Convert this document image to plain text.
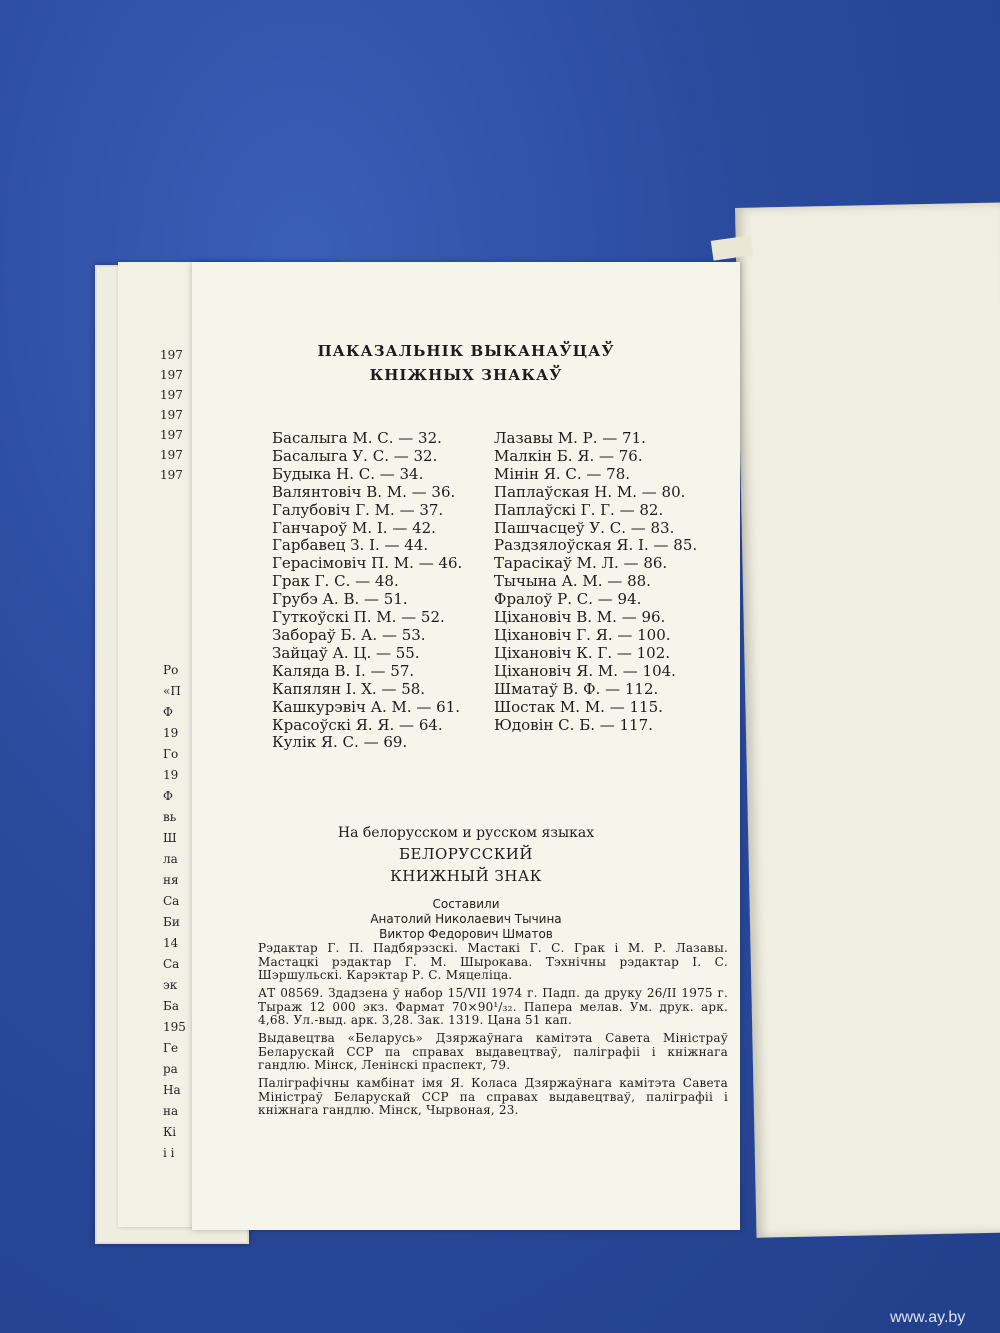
197
197
197
197
197
197
197
Ро
«П
Ф
19
Го
19
Ф
вь
Ш
ла
ня
Са
Би
14
Са
эк
Ба
195
Ге
ра
На
на
Кі
і і
ПАКАЗАЛЬНІК ВЫКАНАЎЦАЎ
КНІЖНЫХ ЗНАКАЎ
Басалыга М. С. — 32.
Басалыга У. С. — 32.
Будыка Н. С. — 34.
Валянтовіч В. М. — 36.
Галубовіч Г. М. — 37.
Ганчароў М. І. — 42.
Гарбавец З. І. — 44.
Герасімовіч П. М. — 46.
Грак Г. С. — 48.
Грубэ А. В. — 51.
Гуткоўскі П. М. — 52.
Забораў Б. А. — 53.
Зайцаў А. Ц. — 55.
Каляда В. І. — 57.
Капялян І. Х. — 58.
Кашкурэвіч А. М. — 61.
Красоўскі Я. Я. — 64.
Кулік Я. С. — 69.
Лазавы М. Р. — 71.
Малкін Б. Я. — 76.
Мінін Я. С. — 78.
Паплаўская Н. М. — 80.
Паплаўскі Г. Г. — 82.
Пашчасцеў У. С. — 83.
Раздзялоўская Я. І. — 85.
Тарасікаў М. Л. — 86.
Тычына А. М. — 88.
Фралоў Р. С. — 94.
Ціхановіч В. М. — 96.
Ціхановіч Г. Я. — 100.
Ціхановіч К. Г. — 102.
Ціхановіч Я. М. — 104.
Шматаў В. Ф. — 112.
Шостак М. М. — 115.
Юдовін С. Б. — 117.
На белорусском и русском языках
БЕЛОРУССКИЙ
КНИЖНЫЙ ЗНАК
Составили
Анатолий Николаевич Тычина
Виктор Федорович Шматов
Рэдактар Г. П. Падбярэзскі. Мастакі Г. С. Грак і М. Р. Лазавы. Мастацкі рэдактар Г. М. Шырокава. Тэхнічны рэдактар І. С. Шэршульскі. Карэктар Р. С. Мяцеліца.
АТ 08569. Здадзена ў набор 15/VII 1974 г. Падп. да друку 26/II 1975 г. Тыраж 12 000 экз. Фармат 70×90¹/₃₂. Папера мелав. Ум. друк. арк. 4,68. Ул.-выд. арк. 3,28. Зак. 1319. Цана 51 кап.
Выдавецтва «Беларусь» Дзяржаўнага камітэта Савета Міністраў Беларускай ССР па справах выдавецтваў, паліграфіі і кніжнага гандлю. Мінск, Ленінскі праспект, 79.
Паліграфічны камбінат імя Я. Коласа Дзяржаўнага камітэта Савета Міністраў Беларускай ССР па справах выдавецтваў, паліграфіі і кніжнага гандлю. Мінск, Чырвоная, 23.
www.ay.by
